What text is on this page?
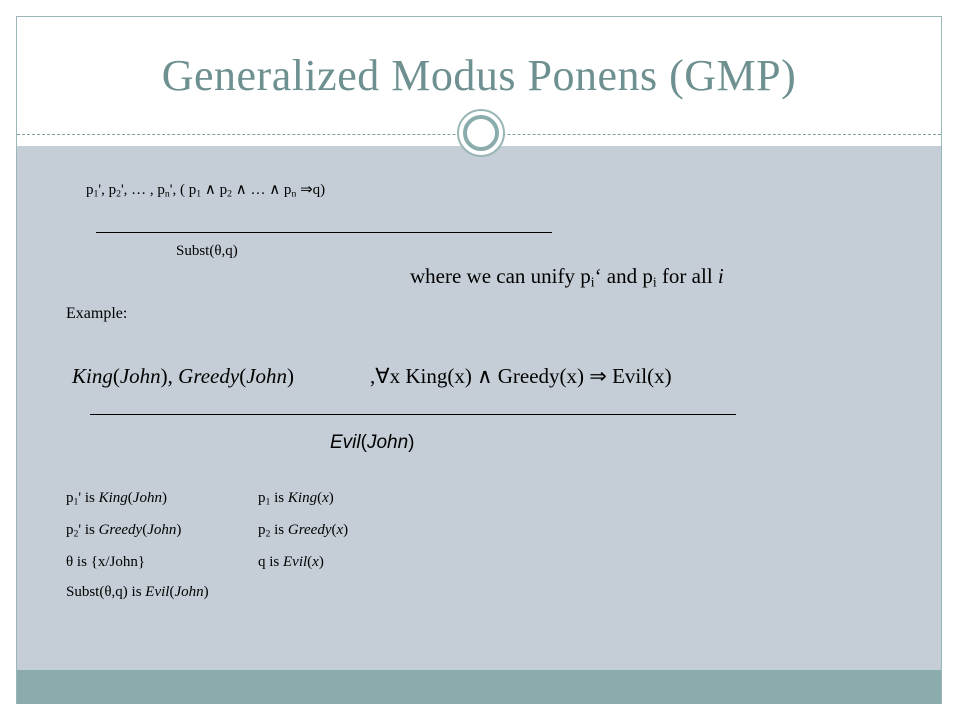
Generalized Modus Ponens (GMP)
$p_1'$, $p_2'$, … , $p_n'$, ( $p_1$ ∧ $p_2$ ∧ … ∧ $p_n$ ⇒q)
Subst(θ,q)
where we can unify $p_i‘$ and $p_i$ for all i
Example:
King(John), Greedy(John)	,∀x King(x) ∧ Greedy(x) ⇒ Evil(x)
Evil(John)
$p_1'$ is King(John)	$p_1$ is King(x)
$p_2'$ is Greedy(John)	$p_2$ is Greedy(x)
θ is {x/John}	q is Evil(x)
Subst(θ,q) is Evil(John)
